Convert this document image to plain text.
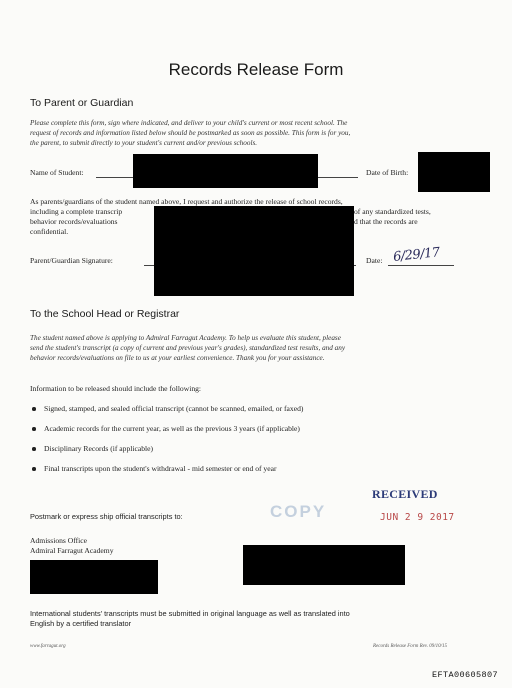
Records Release Form
To Parent or Guardian
Please complete this form, sign where indicated, and deliver to your child's current or most recent school. The
request of records and information listed below should be postmarked as soon as possible. This form is for you,
the parent, to submit directly to your student's current and/or previous schools.
Name of Student:	Date of Birth:
As parents/guardians of the student named above, I request and authorize the release of school records,
including a complete transcrip	of any standardized tests,
behavior records/evaluations	d that the records are
confidential.
Parent/Guardian Signature:	Date: 6/29/17
To the School Head or Registrar
The student named above is applying to Admiral Farragut Academy. To help us evaluate this student, please
send the student's transcript (a copy of current and previous year's grades), standardized test results, and any
behavior records/evaluations on file to us at your earliest convenience. Thank you for your assistance.
Information to be released should include the following:
Signed, stamped, and sealed official transcript (cannot be scanned, emailed, or faxed)
Academic records for the current year, as well as the previous 3 years (if applicable)
Disciplinary Records (if applicable)
Final transcripts upon the student's withdrawal - mid semester or end of year
Postmark or express ship official transcripts to:	COPY
RECEIVED
JUN 2 9 2017
Admissions Office
Admiral Farragut Academy
International students' transcripts must be submitted in original language as well as translated into
English by a certified translator
www.farragut.org	Records Release Form Rev. 09/10/15
EFTA00605807
